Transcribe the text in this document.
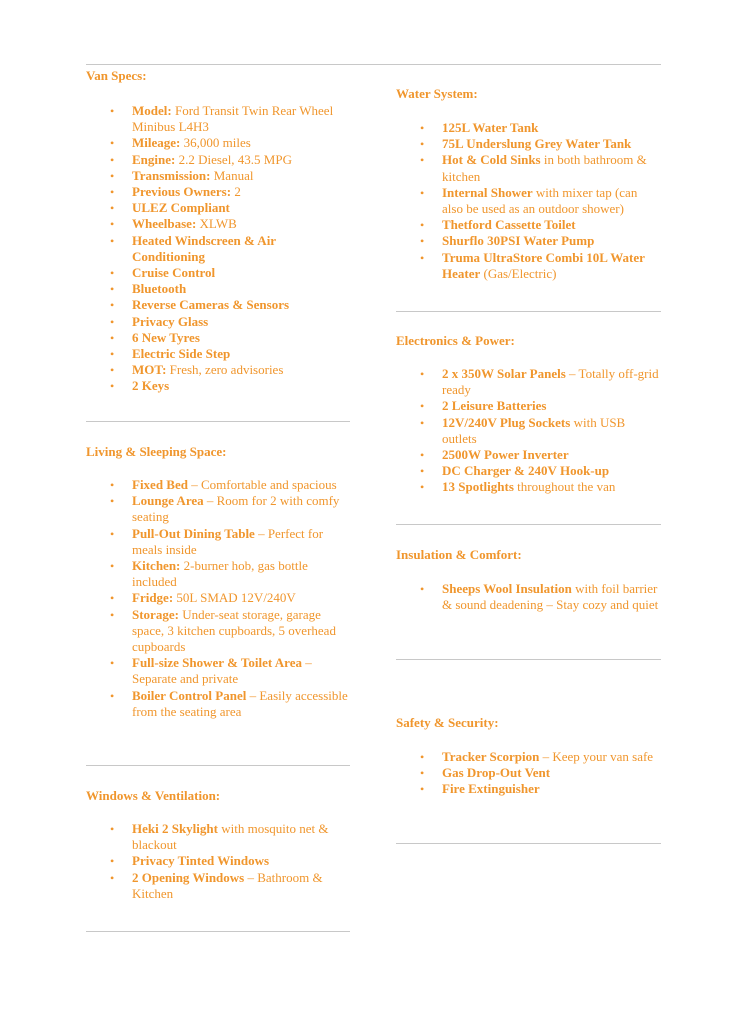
Van Specs:
• Model: Ford Transit Twin Rear Wheel Minibus L4H3
• Mileage: 36,000 miles
• Engine: 2.2 Diesel, 43.5 MPG
• Transmission: Manual
• Previous Owners: 2
• ULEZ Compliant
• Wheelbase: XLWB
• Heated Windscreen & Air Conditioning
• Cruise Control
• Bluetooth
• Reverse Cameras & Sensors
• Privacy Glass
• 6 New Tyres
• Electric Side Step
• MOT: Fresh, zero advisories
• 2 Keys
Living & Sleeping Space:
• Fixed Bed – Comfortable and spacious
• Lounge Area – Room for 2 with comfy seating
• Pull-Out Dining Table – Perfect for meals inside
• Kitchen: 2-burner hob, gas bottle included
• Fridge: 50L SMAD 12V/240V
• Storage: Under-seat storage, garage space, 3 kitchen cupboards, 5 overhead cupboards
• Full-size Shower & Toilet Area – Separate and private
• Boiler Control Panel – Easily accessible from the seating area
Windows & Ventilation:
• Heki 2 Skylight with mosquito net & blackout
• Privacy Tinted Windows
• 2 Opening Windows – Bathroom & Kitchen
Water System:
• 125L Water Tank
• 75L Underslung Grey Water Tank
• Hot & Cold Sinks in both bathroom & kitchen
• Internal Shower with mixer tap (can also be used as an outdoor shower)
• Thetford Cassette Toilet
• Shurflo 30PSI Water Pump
• Truma UltraStore Combi 10L Water Heater (Gas/Electric)
Electronics & Power:
• 2 x 350W Solar Panels – Totally off-grid ready
• 2 Leisure Batteries
• 12V/240V Plug Sockets with USB outlets
• 2500W Power Inverter
• DC Charger & 240V Hook-up
• 13 Spotlights throughout the van
Insulation & Comfort:
• Sheeps Wool Insulation with foil barrier & sound deadening – Stay cozy and quiet
Safety & Security:
• Tracker Scorpion – Keep your van safe
• Gas Drop-Out Vent
• Fire Extinguisher
